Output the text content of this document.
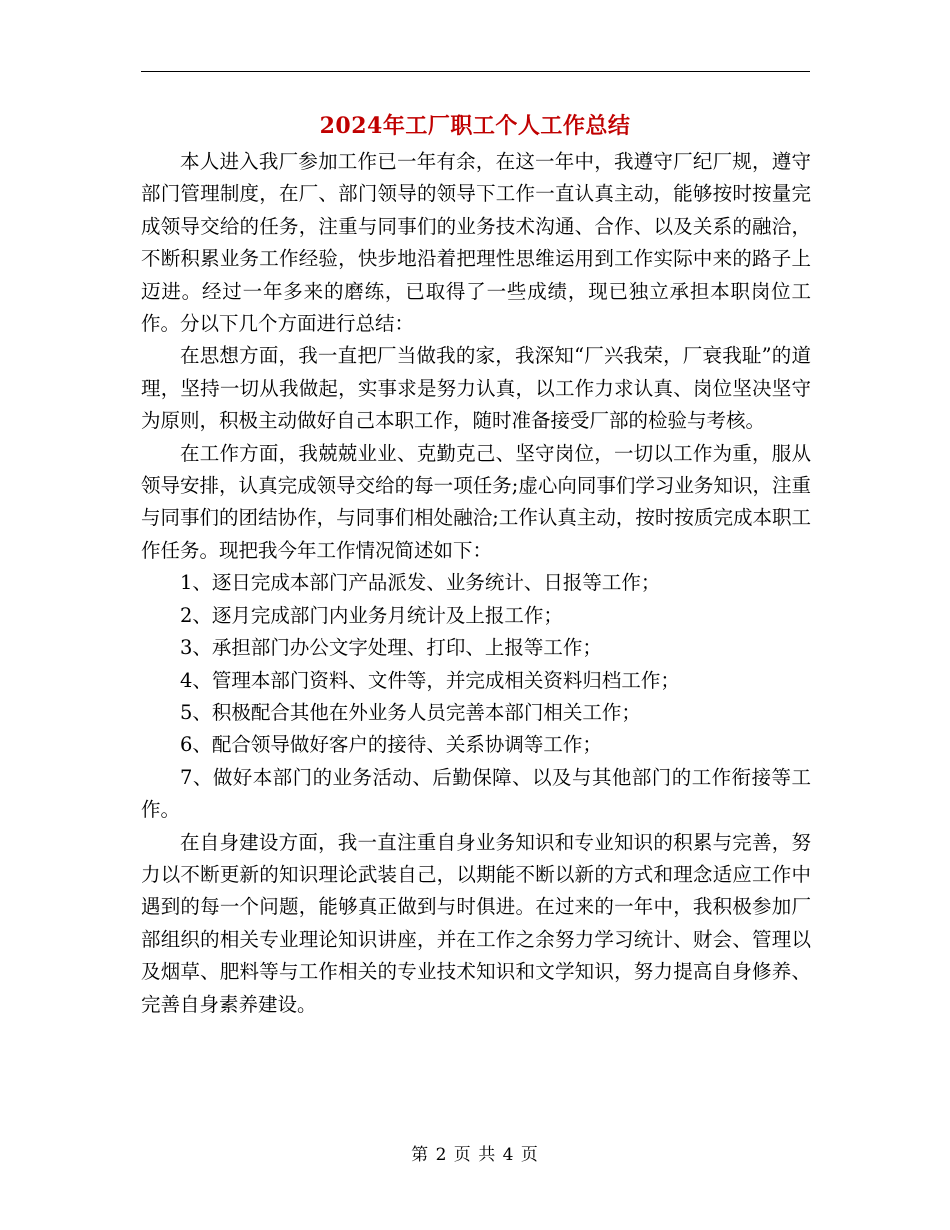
2024年工厂职工个人工作总结

本人进入我厂参加工作已一年有余，在这一年中，我遵守厂纪厂规，遵守部门管理制度，在厂、部门领导的领导下工作一直认真主动，能够按时按量完成领导交给的任务，注重与同事们的业务技术沟通、合作、以及关系的融洽，不断积累业务工作经验，快步地沿着把理性思维运用到工作实际中来的路子上迈进。经过一年多来的磨练，已取得了一些成绩，现已独立承担本职岗位工作。分以下几个方面进行总结：

在思想方面，我一直把厂当做我的家，我深知“厂兴我荣，厂衰我耻”的道理，坚持一切从我做起，实事求是努力认真，以工作力求认真、岗位坚决坚守为原则，积极主动做好自己本职工作，随时准备接受厂部的检验与考核。

在工作方面，我兢兢业业、克勤克己、坚守岗位，一切以工作为重，服从领导安排，认真完成领导交给的每一项任务;虚心向同事们学习业务知识，注重与同事们的团结协作，与同事们相处融洽;工作认真主动，按时按质完成本职工作任务。现把我今年工作情况简述如下：

1、逐日完成本部门产品派发、业务统计、日报等工作；

2、逐月完成部门内业务月统计及上报工作；

3、承担部门办公文字处理、打印、上报等工作；

4、管理本部门资料、文件等，并完成相关资料归档工作；

5、积极配合其他在外业务人员完善本部门相关工作；

6、配合领导做好客户的接待、关系协调等工作；

7、做好本部门的业务活动、后勤保障、以及与其他部门的工作衔接等工作。

在自身建设方面，我一直注重自身业务知识和专业知识的积累与完善，努力以不断更新的知识理论武装自己，以期能不断以新的方式和理念适应工作中遇到的每一个问题，能够真正做到与时俱进。在过来的一年中，我积极参加厂部组织的相关专业理论知识讲座，并在工作之余努力学习统计、财会、管理以及烟草、肥料等与工作相关的专业技术知识和文学知识，努力提高自身修养、完善自身素养建设。

第 2 页 共 4 页
